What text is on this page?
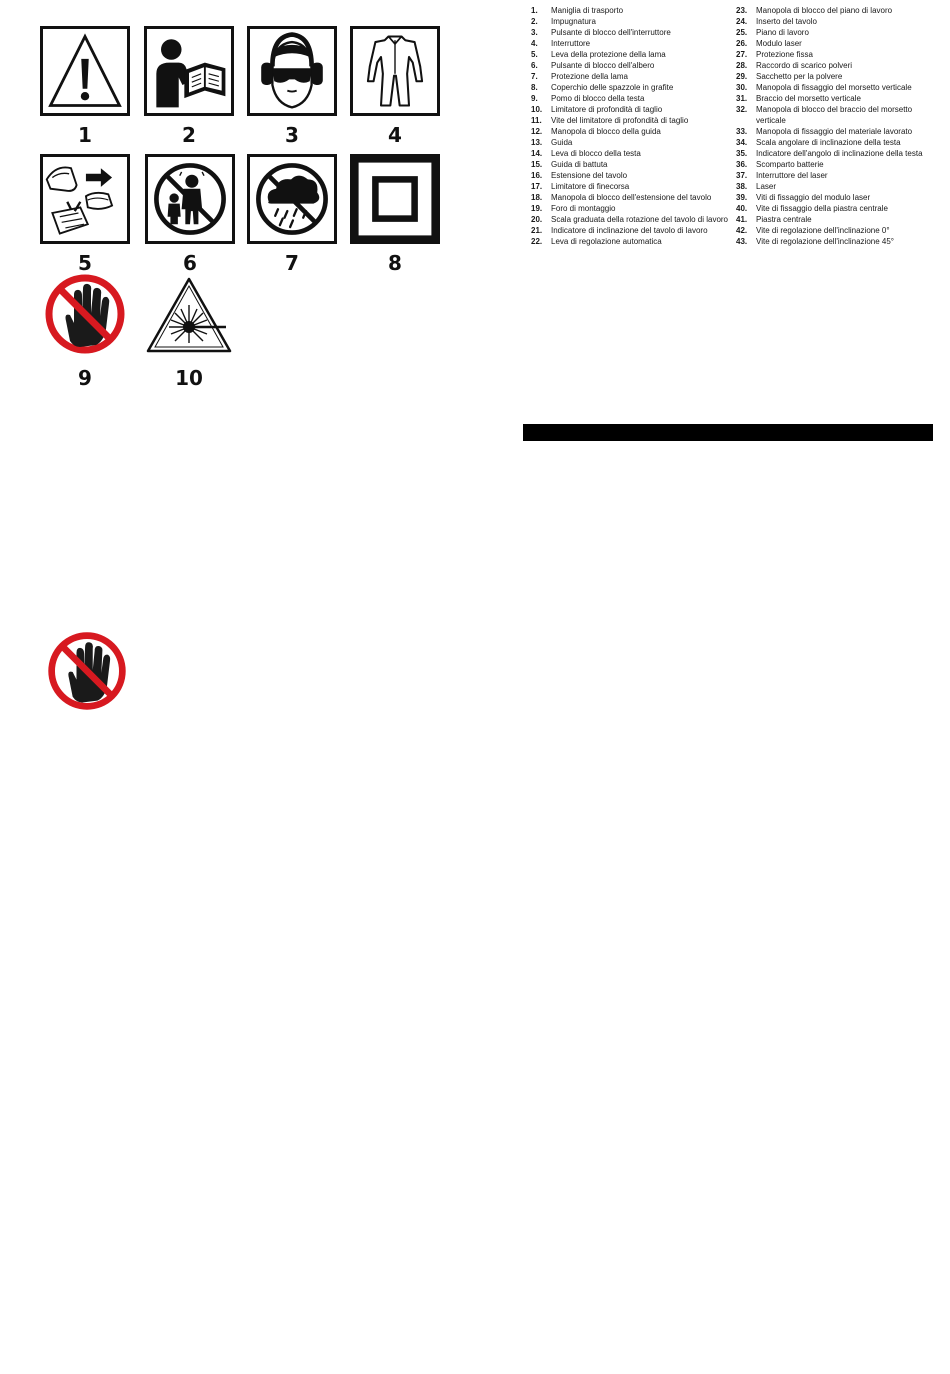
1	2	3	4
5	6	7	8
9	10
1.	Maniglia di trasporto
2.	Impugnatura
3.	Pulsante di blocco dell'interruttore
4.	Interruttore
5.	Leva della protezione della lama
6.	Pulsante di blocco dell'albero
7.	Protezione della lama
8.	Coperchio delle spazzole in grafite
9.	Pomo di blocco della testa
10.	Limitatore di profondità di taglio
11.	Vite del limitatore di profondità di taglio
12.	Manopola di blocco della guida
13.	Guida
14.	Leva di blocco della testa
15.	Guida di battuta
16.	Estensione del tavolo
17.	Limitatore di finecorsa
18.	Manopola di blocco dell'estensione del tavolo
19.	Foro di montaggio
20.	Scala graduata della rotazione del tavolo di lavoro
21.	Indicatore di inclinazione del tavolo di lavoro
22.	Leva di regolazione automatica
23.	Manopola di blocco del piano di lavoro
24.	Inserto del tavolo
25.	Piano di lavoro
26.	Modulo laser
27.	Protezione fissa
28.	Raccordo di scarico polveri
29.	Sacchetto per la polvere
30.	Manopola di fissaggio del morsetto verticale
31.	Braccio del morsetto verticale
32.	Manopola di blocco del braccio del morsetto verticale
33.	Manopola di fissaggio del materiale lavorato
34.	Scala angolare di inclinazione della testa
35.	Indicatore dell'angolo di inclinazione della testa
36.	Scomparto batterie
37.	Interruttore del laser
38.	Laser
39.	Viti di fissaggio del modulo laser
40.	Vite di fissaggio della piastra centrale
41.	Piastra centrale
42.	Vite di regolazione dell'inclinazione 0°
43.	Vite di regolazione dell'inclinazione 45°
